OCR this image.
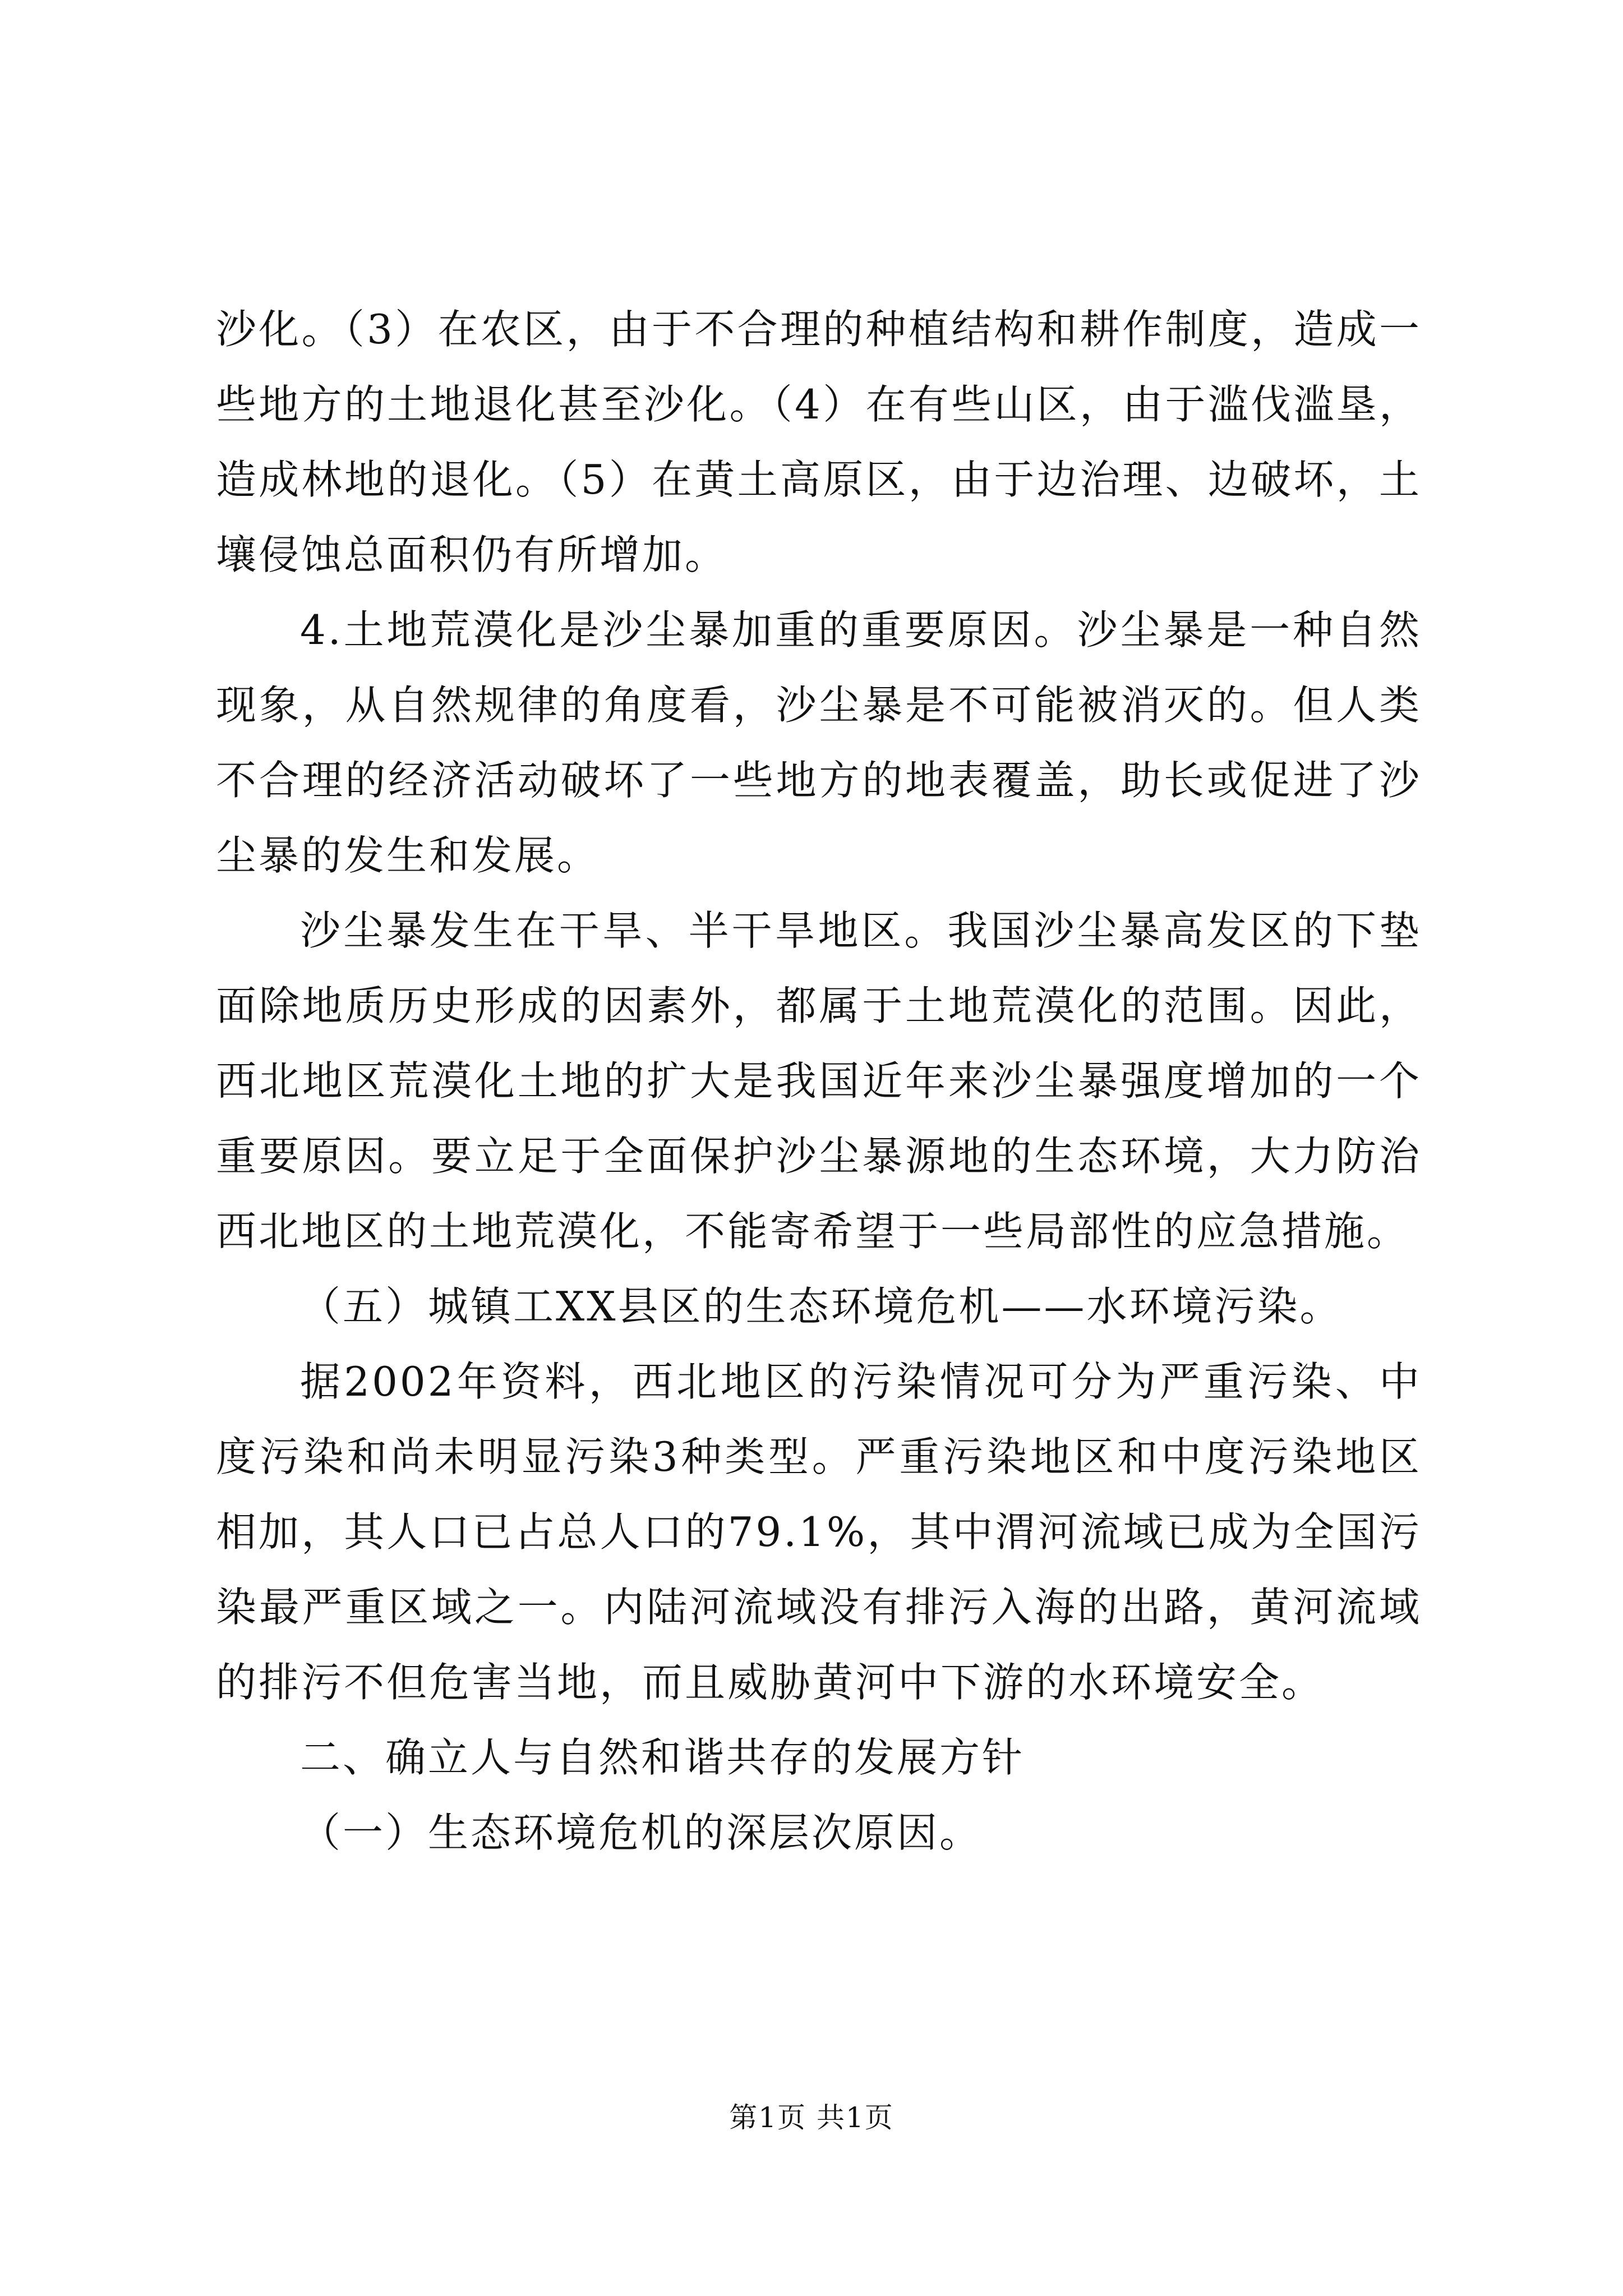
沙化。（3）在农区，由于不合理的种植结构和耕作制度，造成一些地方的土地退化甚至沙化。（4）在有些山区，由于滥伐滥垦，造成林地的退化。（5）在黄土高原区，由于边治理、边破坏，土壤侵蚀总面积仍有所增加。

4.土地荒漠化是沙尘暴加重的重要原因。沙尘暴是一种自然现象，从自然规律的角度看，沙尘暴是不可能被消灭的。但人类不合理的经济活动破坏了一些地方的地表覆盖，助长或促进了沙尘暴的发生和发展。

沙尘暴发生在干旱、半干旱地区。我国沙尘暴高发区的下垫面除地质历史形成的因素外，都属于土地荒漠化的范围。因此，西北地区荒漠化土地的扩大是我国近年来沙尘暴强度增加的一个重要原因。要立足于全面保护沙尘暴源地的生态环境，大力防治西北地区的土地荒漠化，不能寄希望于一些局部性的应急措施。

（五）城镇工XX县区的生态环境危机——水环境污染。

据2002年资料，西北地区的污染情况可分为严重污染、中度污染和尚未明显污染3种类型。严重污染地区和中度污染地区相加，其人口已占总人口的79.1%，其中渭河流域已成为全国污染最严重区域之一。内陆河流域没有排污入海的出路，黄河流域的排污不但危害当地，而且威胁黄河中下游的水环境安全。

二、确立人与自然和谐共存的发展方针

（一）生态环境危机的深层次原因。

第1页 共1页
